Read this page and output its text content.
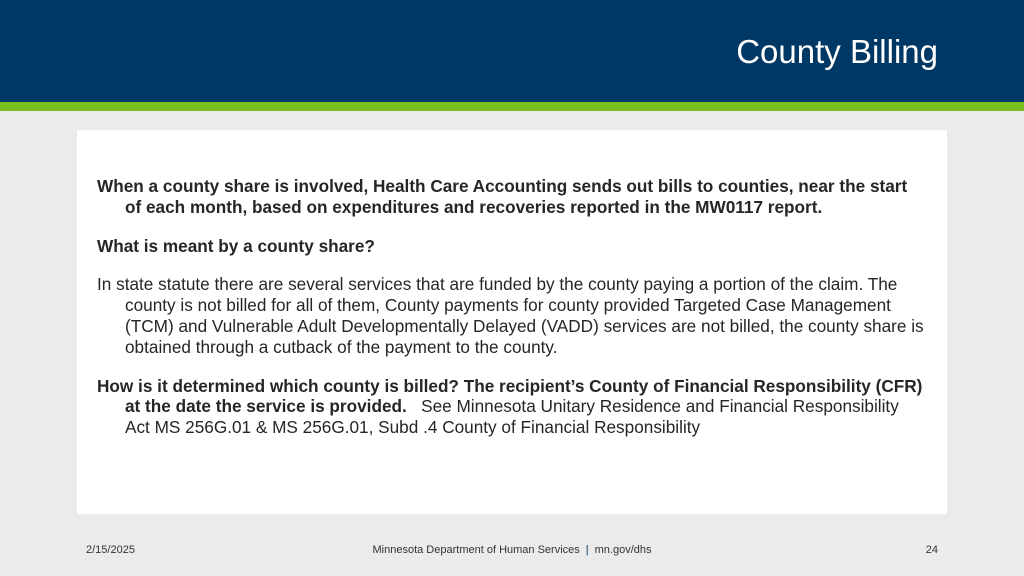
County Billing

When a county share is involved, Health Care Accounting sends out bills to counties, near the start of each month, based on expenditures and recoveries reported in the MW0117 report.

What is meant by a county share?

In state statute there are several services that are funded by the county paying a portion of the claim. The county is not billed for all of them, County payments for county provided Targeted Case Management (TCM) and Vulnerable Adult Developmentally Delayed (VADD) services are not billed, the county share is obtained through a cutback of the payment to the county.

How is it determined which county is billed? The recipient’s County of Financial Responsibility (CFR) at the date the service is provided. See Minnesota Unitary Residence and Financial Responsibility Act MS 256G.01 & MS 256G.01, Subd .4 County of Financial Responsibility

2/15/2025	Minnesota Department of Human Services | mn.gov/dhs	24
